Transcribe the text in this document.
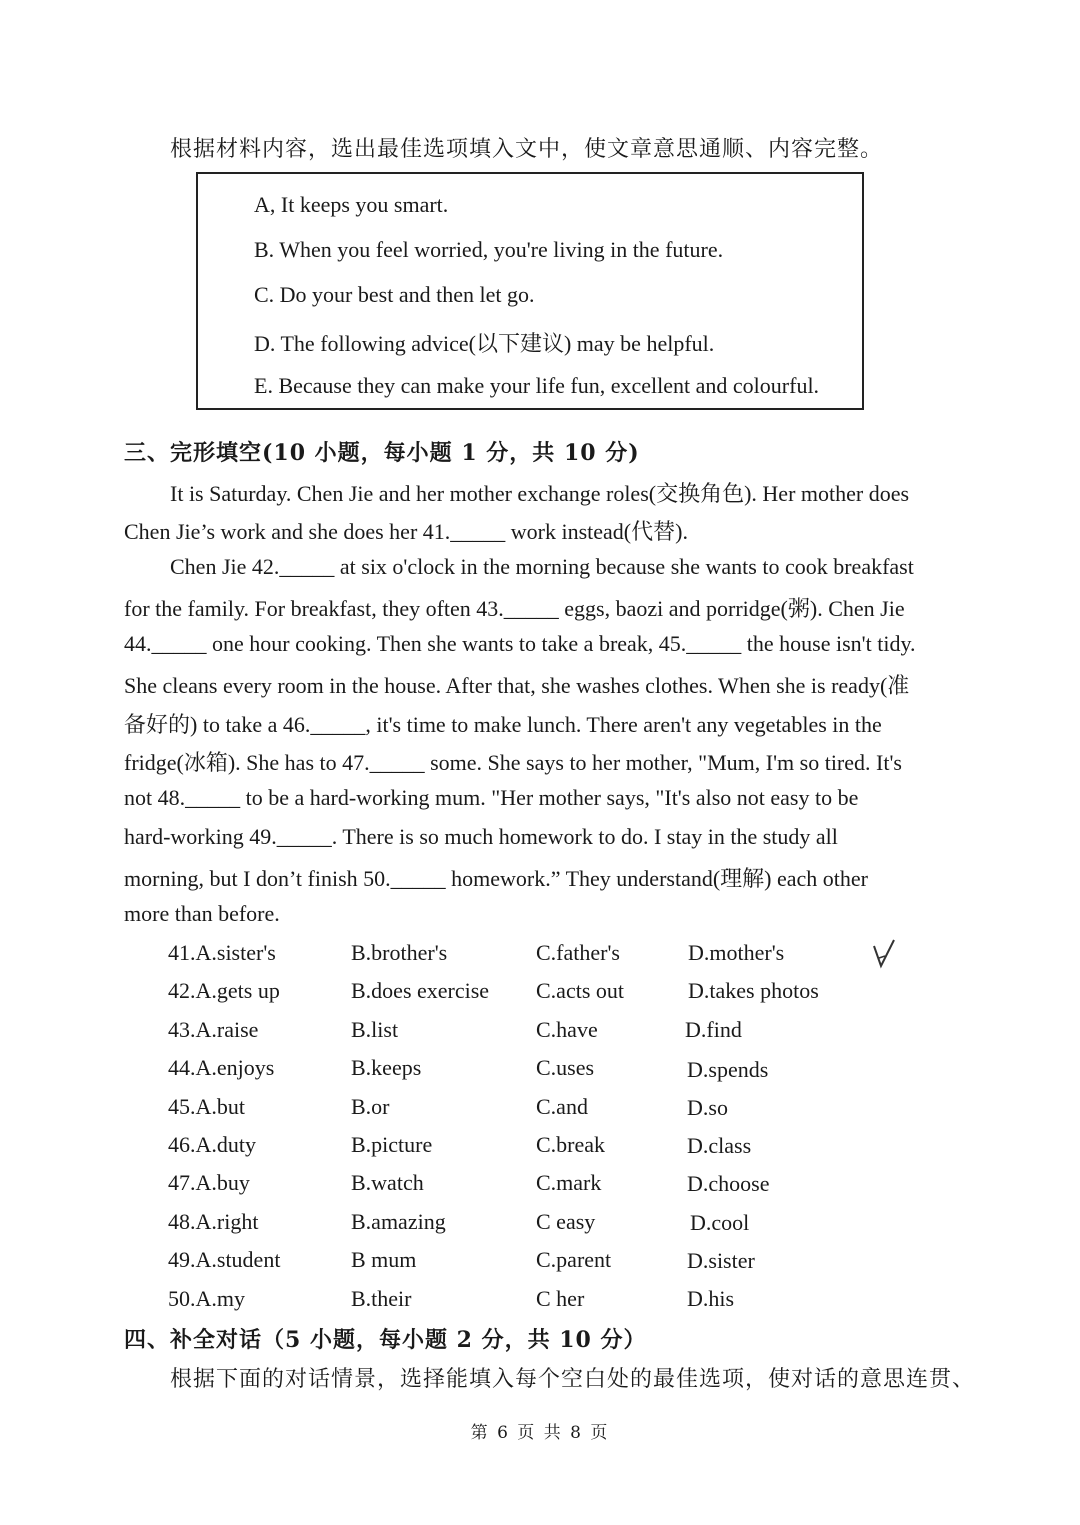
根据材料内容，选出最佳选项填入文中，使文章意思通顺、内容完整。
A, It keeps you smart.
B. When you feel worried, you're living in the future.
C. Do your best and then let go.
D. The following advice(以下建议) may be helpful.
E. Because they can make your life fun, excellent and colourful.
三、完形填空(10 小题，每小题 1 分，共 10 分)
It is Saturday. Chen Jie and her mother exchange roles(交换角色). Her mother does
Chen Jie’s work and she does her 41._____ work instead(代替).
Chen Jie 42._____ at six o'clock in the morning because she wants to cook breakfast
for the family. For breakfast, they often 43._____ eggs, baozi and porridge(粥). Chen Jie
44._____ one hour cooking. Then she wants to take a break, 45._____ the house isn't tidy.
She cleans every room in the house. After that, she washes clothes. When she is ready(准
备好的) to take a 46._____, it's time to make lunch. There aren't any vegetables in the
fridge(冰箱). She has to 47._____ some. She says to her mother, "Mum, I'm so tired. It's
not 48._____ to be a hard-working mum. "Her mother says, "It's also not easy to be
hard-working 49._____. There is so much homework to do. I stay in the study all
morning, but I don’t finish 50._____ homework.” They understand(理解) each other
more than before.
41.A.sister's	B.brother's	C.father's	D.mother's
42.A.gets up	B.does exercise C.acts out	D.takes photos
43.A.raise	B.list	C.have	D.find
44.A.enjoys	B.keeps	C.uses	D.spends
45.A.but	B.or	C.and	D.so
46.A.duty	B.picture	C.break	D.class
47.A.buy	B.watch	C.mark	D.choose
48.A.right	B.amazing	C easy	D.cool
49.A.student	B mum	C.parent	D.sister
50.A.my	B.their	C her	D.his
四、补全对话（5 小题，每小题 2 分，共 10 分）
根据下面的对话情景，选择能填入每个空白处的最佳选项，使对话的意思连贯、
第 6 页 共 8 页
